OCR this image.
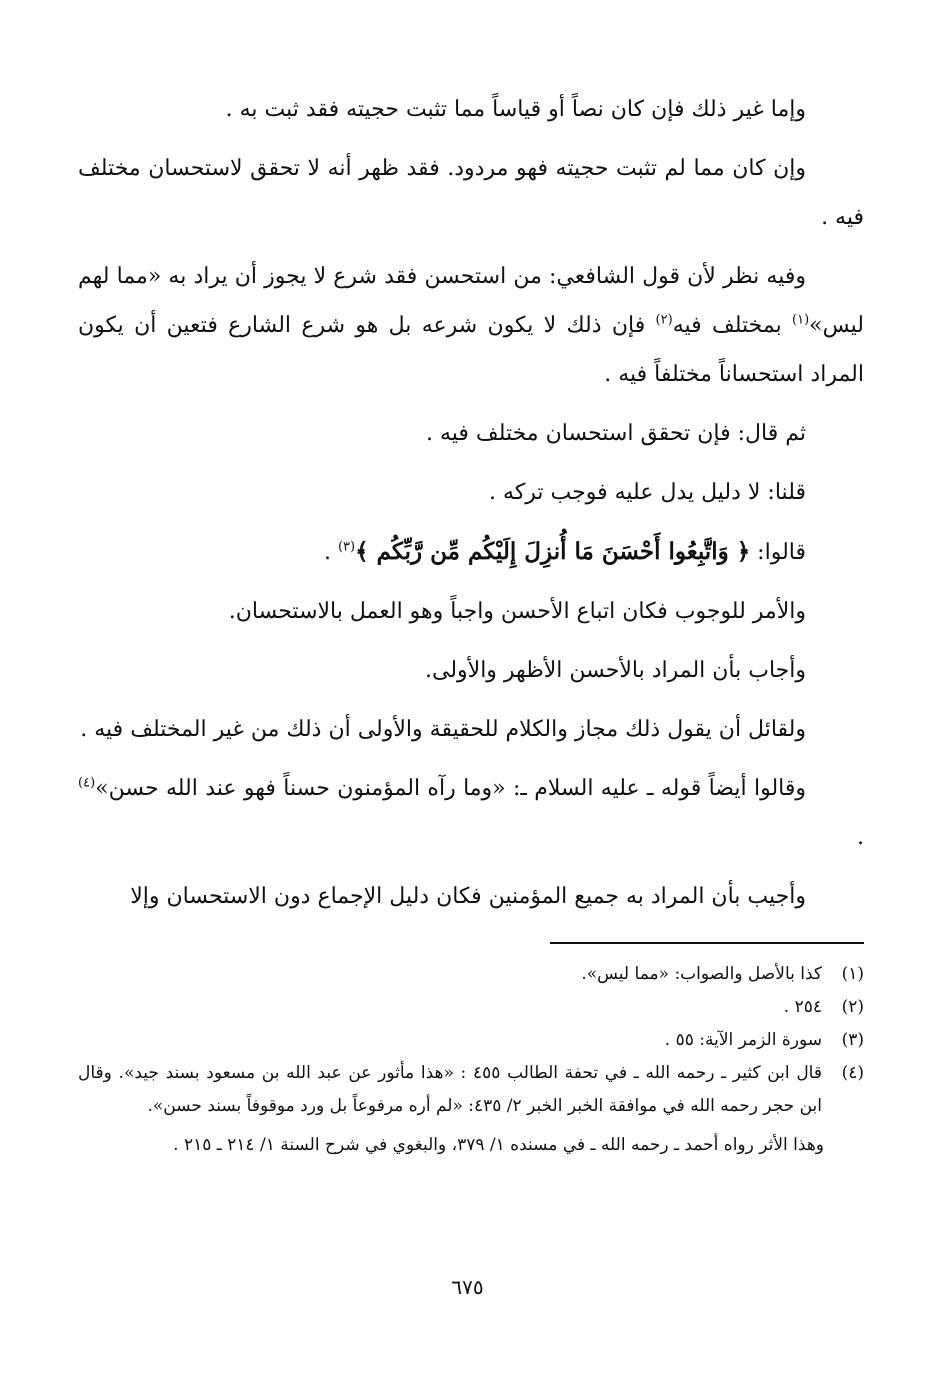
وإما غير ذلك فإن كان نصاً أو قياساً مما تثبت حجيته فقد ثبت به .

وإن كان مما لم تثبت حجيته فهو مردود. فقد ظهر أنه لا تحقق لاستحسان مختلف فيه .

وفيه نظر لأن قول الشافعي: من استحسن فقد شرع لا يجوز أن يراد به «مما لهم ليس»$^{(١)}$ بمختلف فيه$^{(٢)}$ فإن ذلك لا يكون شرعه بل هو شرع الشارع فتعين أن يكون المراد استحساناً مختلفاً فيه .

ثم قال: فإن تحقق استحسان مختلف فيه .

قلنا: لا دليل يدل عليه فوجب تركه .

قالوا: ﴿ وَاتَّبِعُوا أَحْسَنَ مَا أُنزِلَ إِلَيْكُم مِّن رَّبِّكُم ﴾$^{(٣)}$ .

والأمر للوجوب فكان اتباع الأحسن واجباً وهو العمل بالاستحسان.

وأجاب بأن المراد بالأحسن الأظهر والأولى.

ولقائل أن يقول ذلك مجاز والكلام للحقيقة والأولى أن ذلك من غير المختلف فيه .

وقالوا أيضاً قوله ـ عليه السلام ـ: «وما رآه المؤمنون حسناً فهو عند الله حسن»$^{(٤)}$ .

وأجيب بأن المراد به جميع المؤمنين فكان دليل الإجماع دون الاستحسان وإلا

(١)
كذا بالأصل والصواب: «مما ليس».
(٢)
٢٥٤ .
(٣)
سورة الزمر الآية: ٥٥ .
(٤)
قال ابن كثير ـ رحمه الله ـ في تحفة الطالب ٤٥٥ : «هذا مأثور عن عبد الله بن مسعود بسند جيد». وقال ابن حجر رحمه الله في موافقة الخبر الخبر ٢/ ٤٣٥: «لم أره مرفوعاً بل ورد موقوفاً بسند حسن».

وهذا الأثر رواه أحمد ـ رحمه الله ـ في مسنده ١/ ٣٧٩، والبغوي في شرح السنة ١/ ٢١٤ ـ ٢١٥ .

٦٧٥
